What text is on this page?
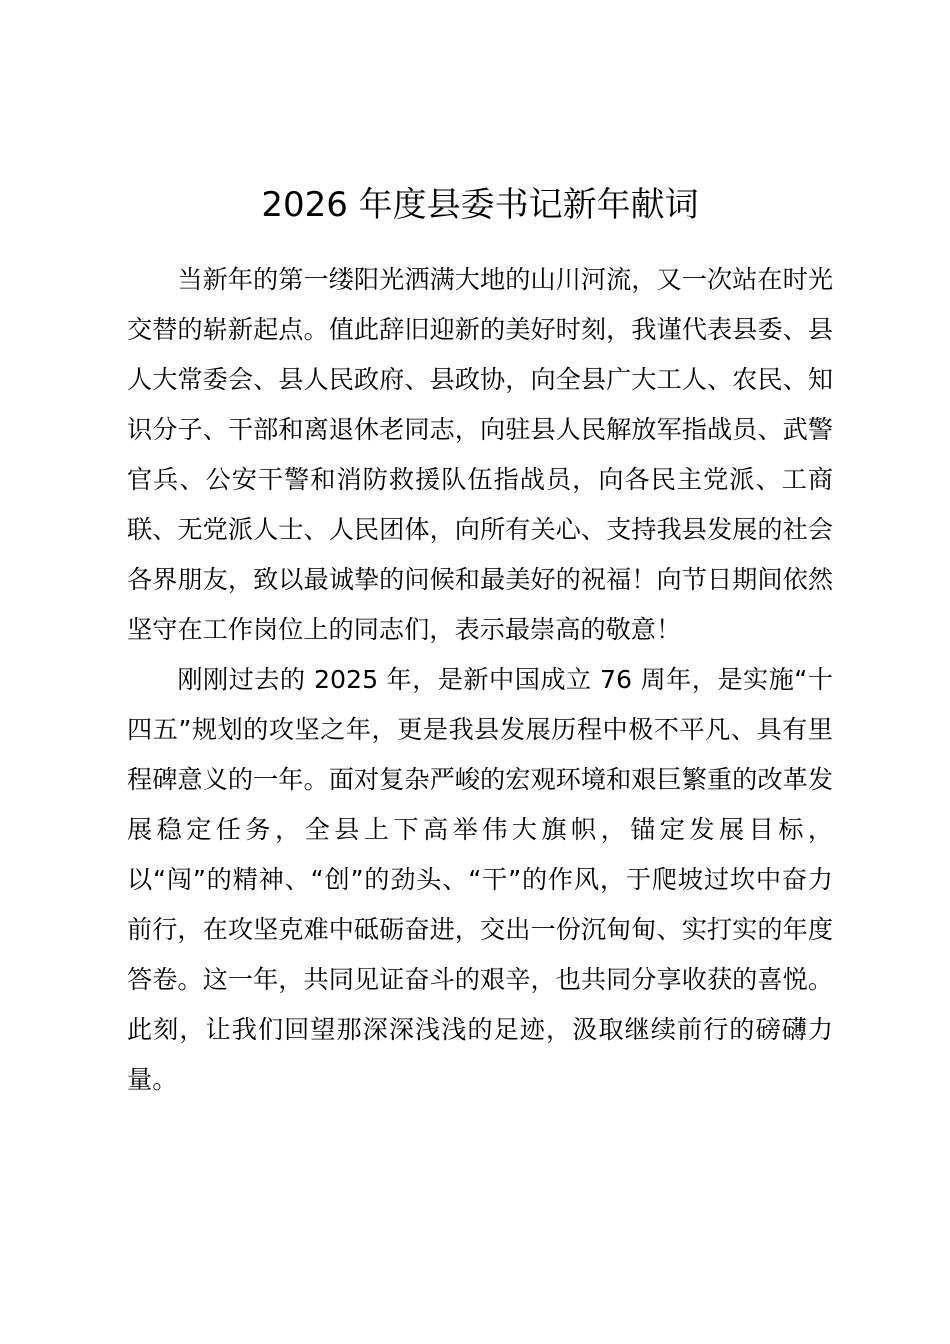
2026 年度县委书记新年献词

当新年的第一缕阳光洒满大地的山川河流，又一次站在时光交替的崭新起点。值此辞旧迎新的美好时刻，我谨代表县委、县人大常委会、县人民政府、县政协，向全县广大工人、农民、知识分子、干部和离退休老同志，向驻县人民解放军指战员、武警官兵、公安干警和消防救援队伍指战员，向各民主党派、工商联、无党派人士、人民团体，向所有关心、支持我县发展的社会各界朋友，致以最诚挚的问候和最美好的祝福！向节日期间依然坚守在工作岗位上的同志们，表示最崇高的敬意！

刚刚过去的 2025 年，是新中国成立 76 周年，是实施“十四五”规划的攻坚之年，更是我县发展历程中极不平凡、具有里程碑意义的一年。面对复杂严峻的宏观环境和艰巨繁重的改革发展稳定任务，全县上下高举伟大旗帜，锚定发展目标，以“闯”的精神、“创”的劲头、“干”的作风，于爬坡过坎中奋力前行，在攻坚克难中砥砺奋进，交出一份沉甸甸、实打实的年度答卷。这一年，共同见证奋斗的艰辛，也共同分享收获的喜悦。此刻，让我们回望那深深浅浅的足迹，汲取继续前行的磅礴力量。
